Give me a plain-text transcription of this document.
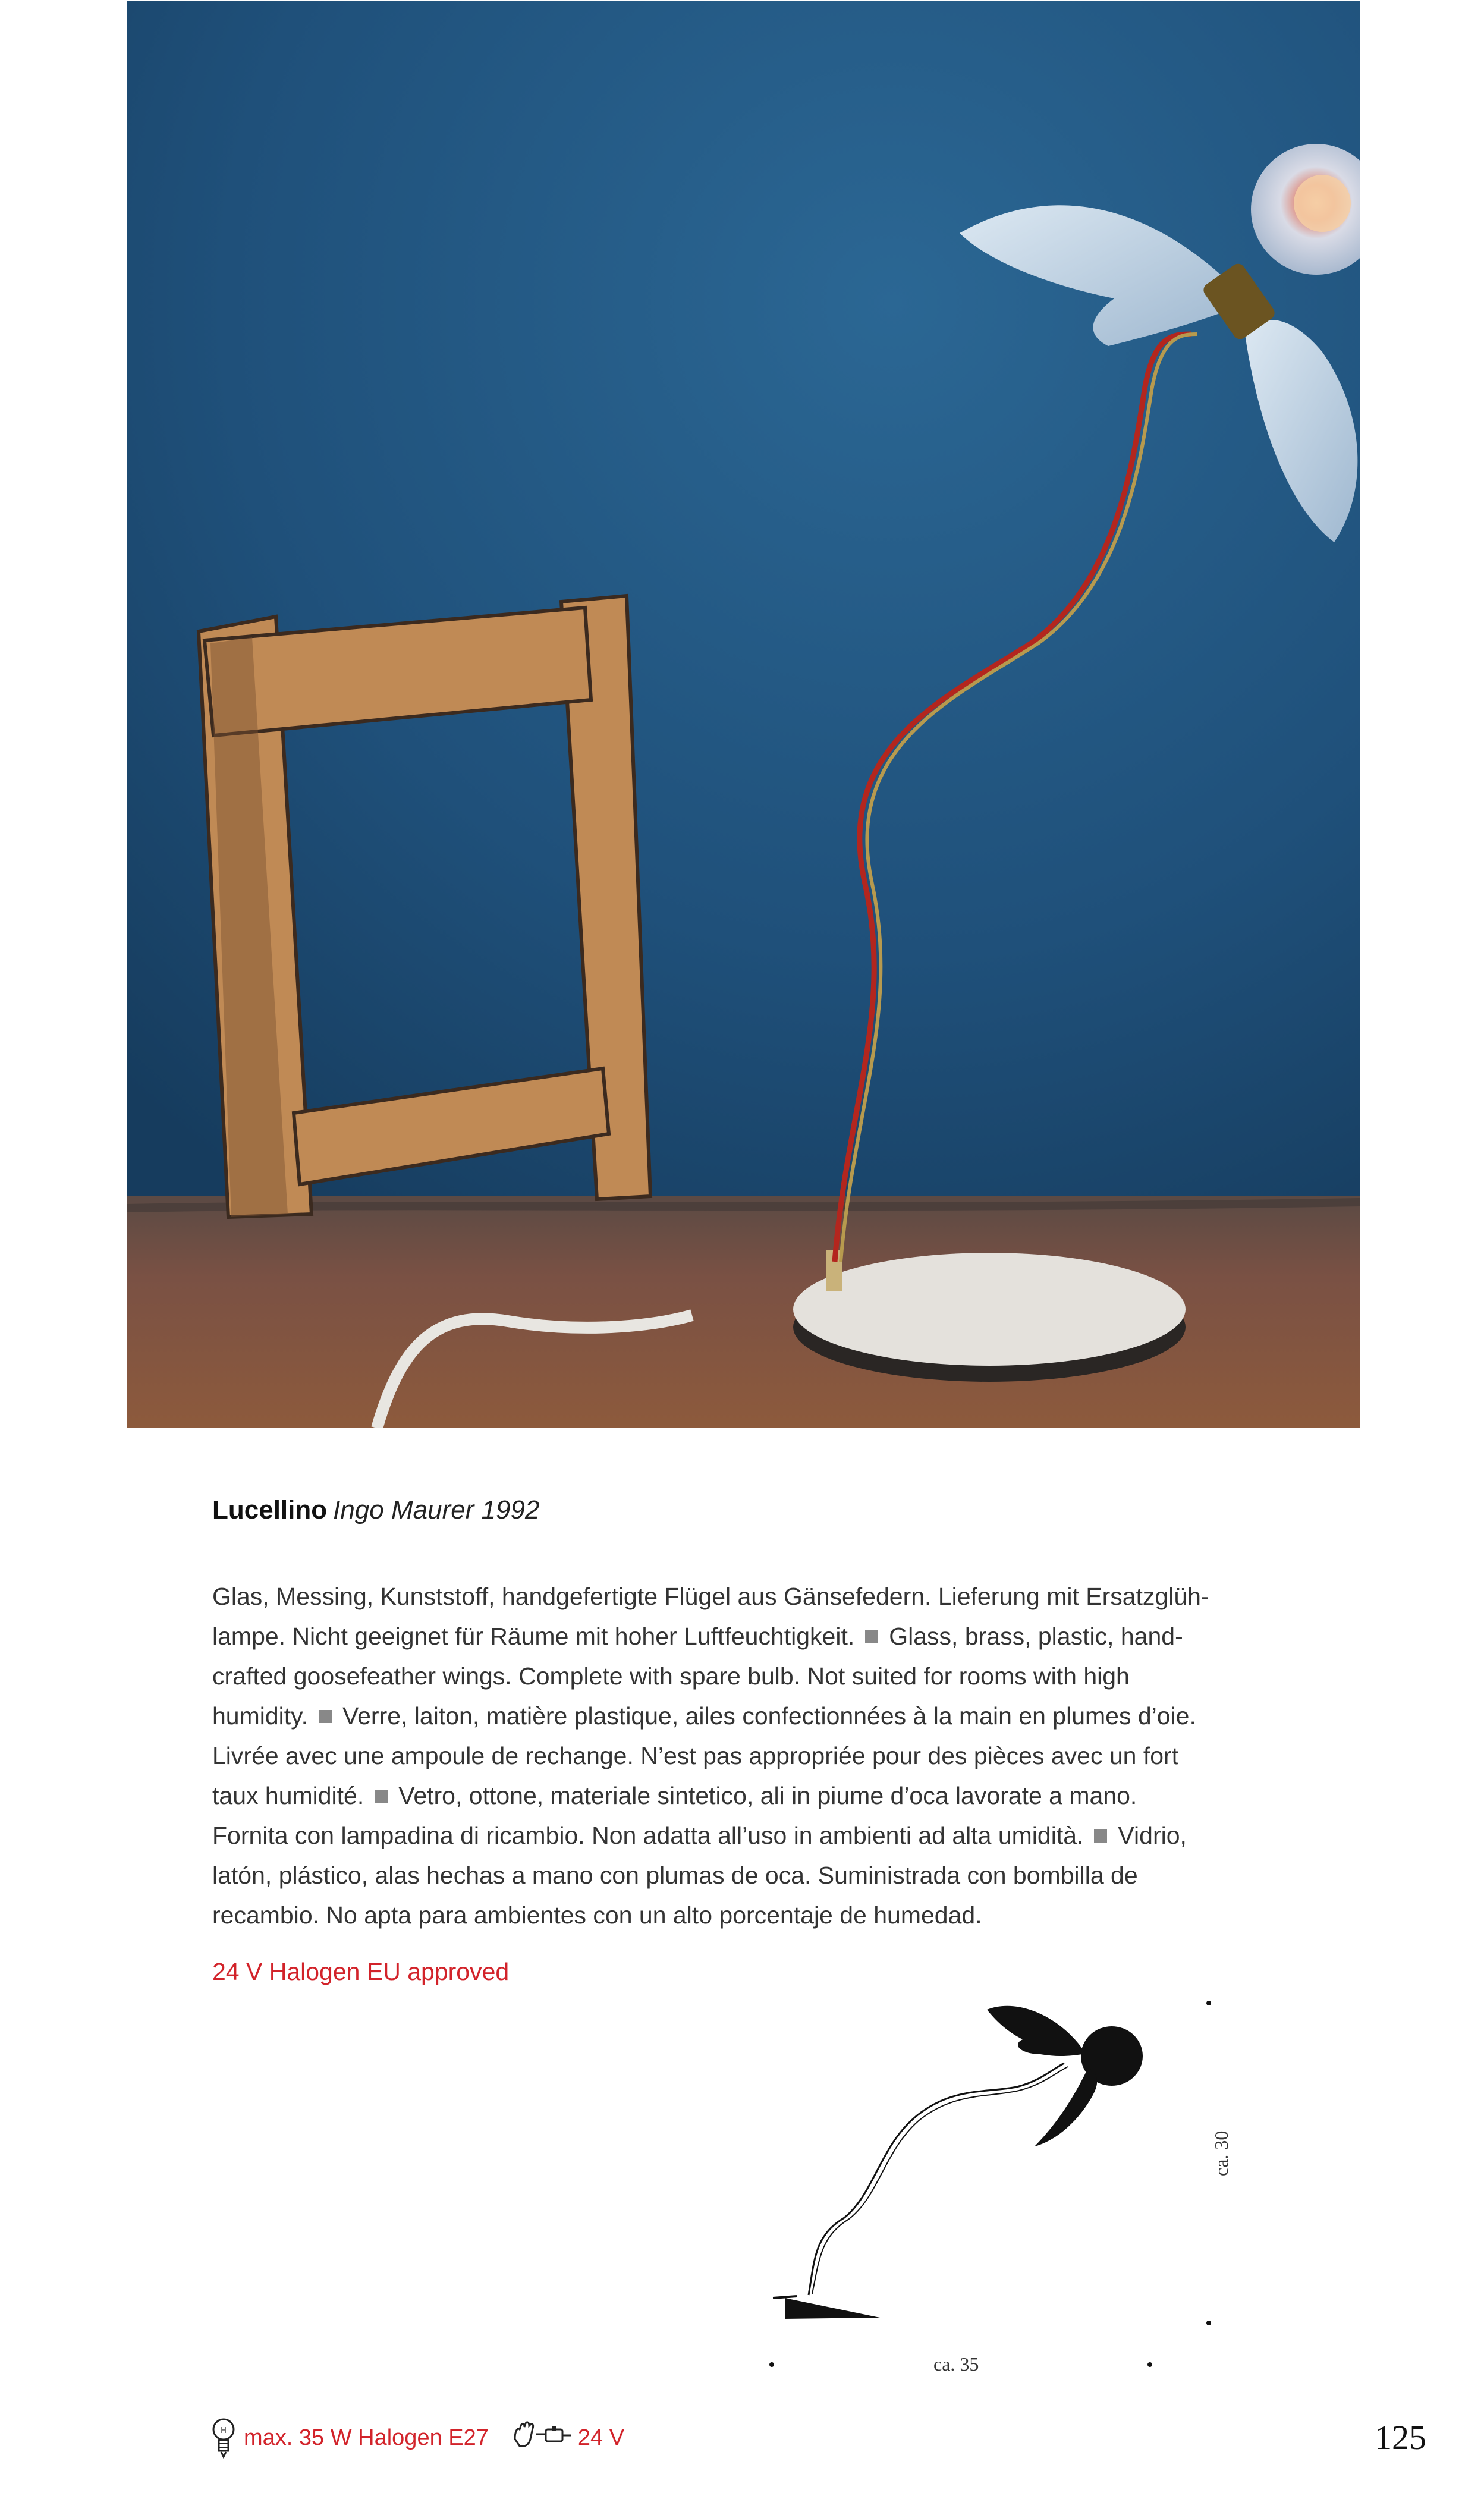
Lucellino Ingo Maurer 1992
Glas, Messing, Kunststoff, handgefertigte Flügel aus Gänsefedern. Lieferung mit Ersatzglühlampe. Nicht geeignet für Räume mit hoher Luftfeuchtigkeit. Glass, brass, plastic, handcrafted goosefeather wings. Complete with spare bulb. Not suited for rooms with high humidity. Verre, laiton, matière plastique, ailes confectionnées à la main en plumes d’oie. Livrée avec une ampoule de rechange. N’est pas appropriée pour des pièces avec un fort taux humidité. Vetro, ottone, materiale sintetico, ali in piume d’oca lavorate a mano. Fornita con lampadina di ricambio. Non adatta all’uso in ambienti ad alta umidità. Vidrio, latón, plástico, alas hechas a mano con plumas de oca. Suministrada con bombilla de recambio. No apta para ambientes con un alto porcentaje de humedad.
24 V Halogen EU approved
ca. 35
ca. 30
H max. 35 W Halogen E27	24 V	125
